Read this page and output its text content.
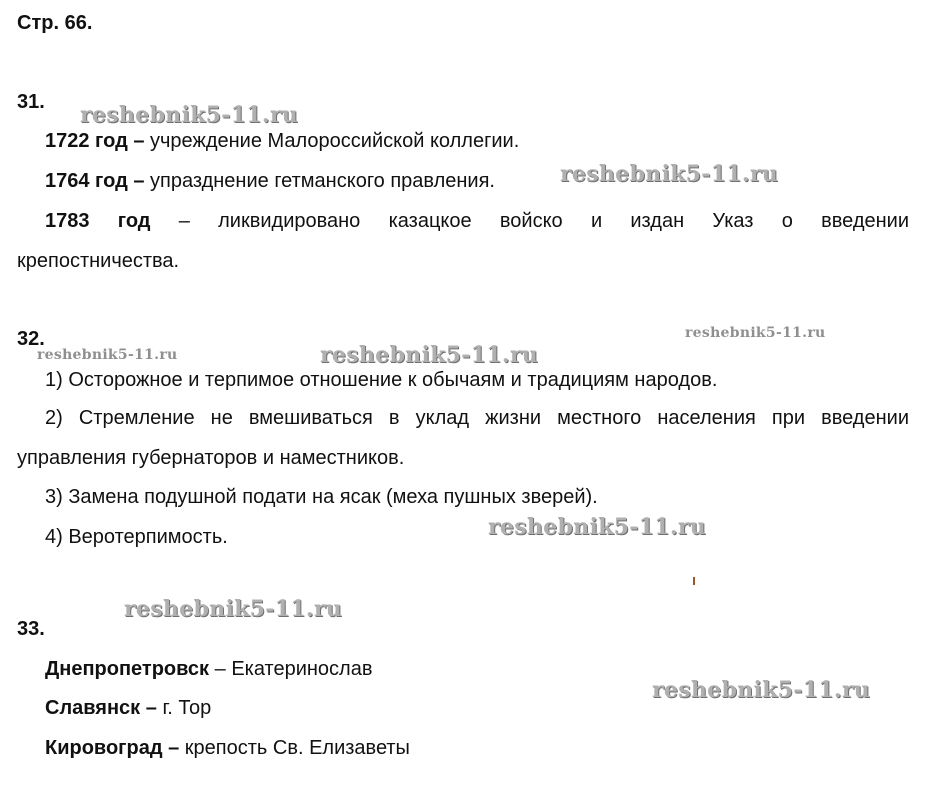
Стр. 66.
31.
1722 год – учреждение Малороссийской коллегии.
1764 год – упразднение гетманского правления.
1783 год – ликвидировано казацкое войско и издан Указ о введении
крепостничества.
32.
1) Осторожное и терпимое отношение к обычаям и традициям народов.
2) Стремление не вмешиваться в уклад жизни местного населения при введении
управления губернаторов и наместников.
3) Замена подушной подати на ясак (меха пушных зверей).
4) Веротерпимость.
33.
Днепропетровск – Екатеринослав
Славянск – г. Тор
Кировоград – крепость Св. Елизаветы
reshebnik5-11.ru
reshebnik5-11.ru
reshebnik5-11.ru
reshebnik5-11.ru	reshebnik5-11.ru
reshebnik5-11.ru
reshebnik5-11.ru
reshebnik5-11.ru
